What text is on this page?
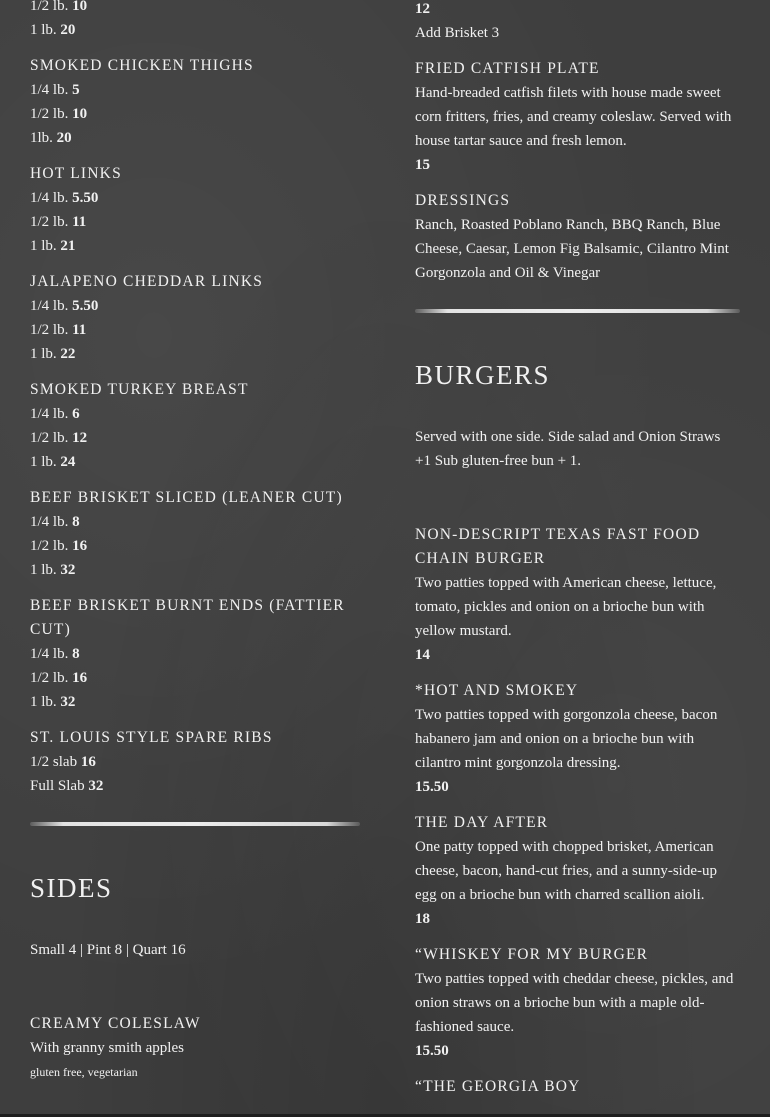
1/2 lb. 10
1 lb. 20
SMOKED CHICKEN THIGHS
1/4 lb. 5
1/2 lb. 10
1lb. 20
HOT LINKS
1/4 lb. 5.50
1/2 lb. 11
1 lb. 21
JALAPENO CHEDDAR LINKS
1/4 lb. 5.50
1/2 lb. 11
1 lb. 22
SMOKED TURKEY BREAST
1/4 lb. 6
1/2 lb. 12
1 lb. 24
BEEF BRISKET SLICED (LEANER CUT)
1/4 lb. 8
1/2 lb. 16
1 lb. 32
BEEF BRISKET BURNT ENDS (FATTIER CUT)
1/4 lb. 8
1/2 lb. 16
1 lb. 32
ST. LOUIS STYLE SPARE RIBS
1/2 slab 16
Full Slab 32
SIDES
Small 4 | Pint 8 | Quart 16
CREAMY COLESLAW
With granny smith apples
gluten free, vegetarian
12
Add Brisket 3
FRIED CATFISH PLATE
Hand-breaded catfish filets with house made sweet corn fritters, fries, and creamy coleslaw. Served with house tartar sauce and fresh lemon.
15
DRESSINGS
Ranch, Roasted Poblano Ranch, BBQ Ranch, Blue Cheese, Caesar, Lemon Fig Balsamic, Cilantro Mint Gorgonzola and Oil & Vinegar
BURGERS
Served with one side. Side salad and Onion Straws +1 Sub gluten-free bun + 1.
NON-DESCRIPT TEXAS FAST FOOD CHAIN BURGER
Two patties topped with American cheese, lettuce, tomato, pickles and onion on a brioche bun with yellow mustard.
14
*HOT AND SMOKEY
Two patties topped with gorgonzola cheese, bacon habanero jam and onion on a brioche bun with cilantro mint gorgonzola dressing.
15.50
THE DAY AFTER
One patty topped with chopped brisket, American cheese, bacon, hand-cut fries, and a sunny-side-up egg on a brioche bun with charred scallion aioli.
18
“WHISKEY FOR MY BURGER
Two patties topped with cheddar cheese, pickles, and onion straws on a brioche bun with a maple old-fashioned sauce.
15.50
“THE GEORGIA BOY
